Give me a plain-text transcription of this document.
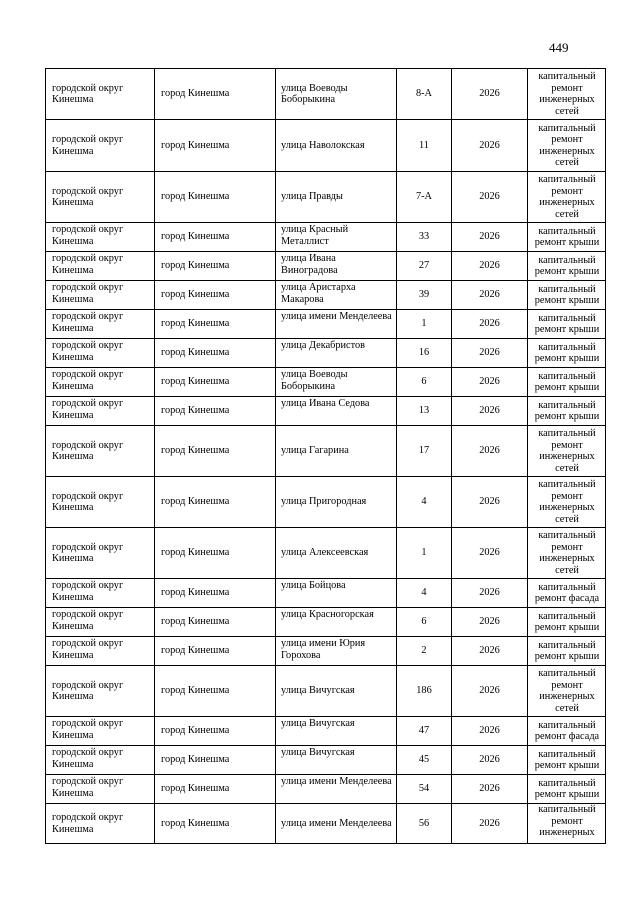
449
городской округ Кинешма	город Кинешма	улица Воеводы Боборыкина	8-А	2026	капитальный ремонт инженерных сетей
городской округ Кинешма	город Кинешма	улица Наволокская	11	2026	капитальный ремонт инженерных сетей
городской округ Кинешма	город Кинешма	улица Правды	7-А	2026	капитальный ремонт инженерных сетей
городской округ Кинешма	город Кинешма	улица Красный Металлист	33	2026	капитальный ремонт крыши
городской округ Кинешма	город Кинешма	улица Ивана Виноградова	27	2026	капитальный ремонт крыши
городской округ Кинешма	город Кинешма	улица Аристарха Макарова	39	2026	капитальный ремонт крыши
городской округ Кинешма	город Кинешма	улица имени Менделеева	1	2026	капитальный ремонт крыши
городской округ Кинешма	город Кинешма	улица Декабристов	16	2026	капитальный ремонт крыши
городской округ Кинешма	город Кинешма	улица Воеводы Боборыкина	6	2026	капитальный ремонт крыши
городской округ Кинешма	город Кинешма	улица Ивана Седова	13	2026	капитальный ремонт крыши
городской округ Кинешма	город Кинешма	улица Гагарина	17	2026	капитальный ремонт инженерных сетей
городской округ Кинешма	город Кинешма	улица Пригородная	4	2026	капитальный ремонт инженерных сетей
городской округ Кинешма	город Кинешма	улица Алексеевская	1	2026	капитальный ремонт инженерных сетей
городской округ Кинешма	город Кинешма	улица Бойцова	4	2026	капитальный ремонт фасада
городской округ Кинешма	город Кинешма	улица Красногорская	6	2026	капитальный ремонт крыши
городской округ Кинешма	город Кинешма	улица имени Юрия Горохова	2	2026	капитальный ремонт крыши
городской округ Кинешма	город Кинешма	улица Вичугская	186	2026	капитальный ремонт инженерных сетей
городской округ Кинешма	город Кинешма	улица Вичугская	47	2026	капитальный ремонт фасада
городской округ Кинешма	город Кинешма	улица Вичугская	45	2026	капитальный ремонт крыши
городской округ Кинешма	город Кинешма	улица имени Менделеева	54	2026	капитальный ремонт крыши
городской округ Кинешма	город Кинешма	улица имени Менделеева	56	2026	капитальный ремонт инженерных
